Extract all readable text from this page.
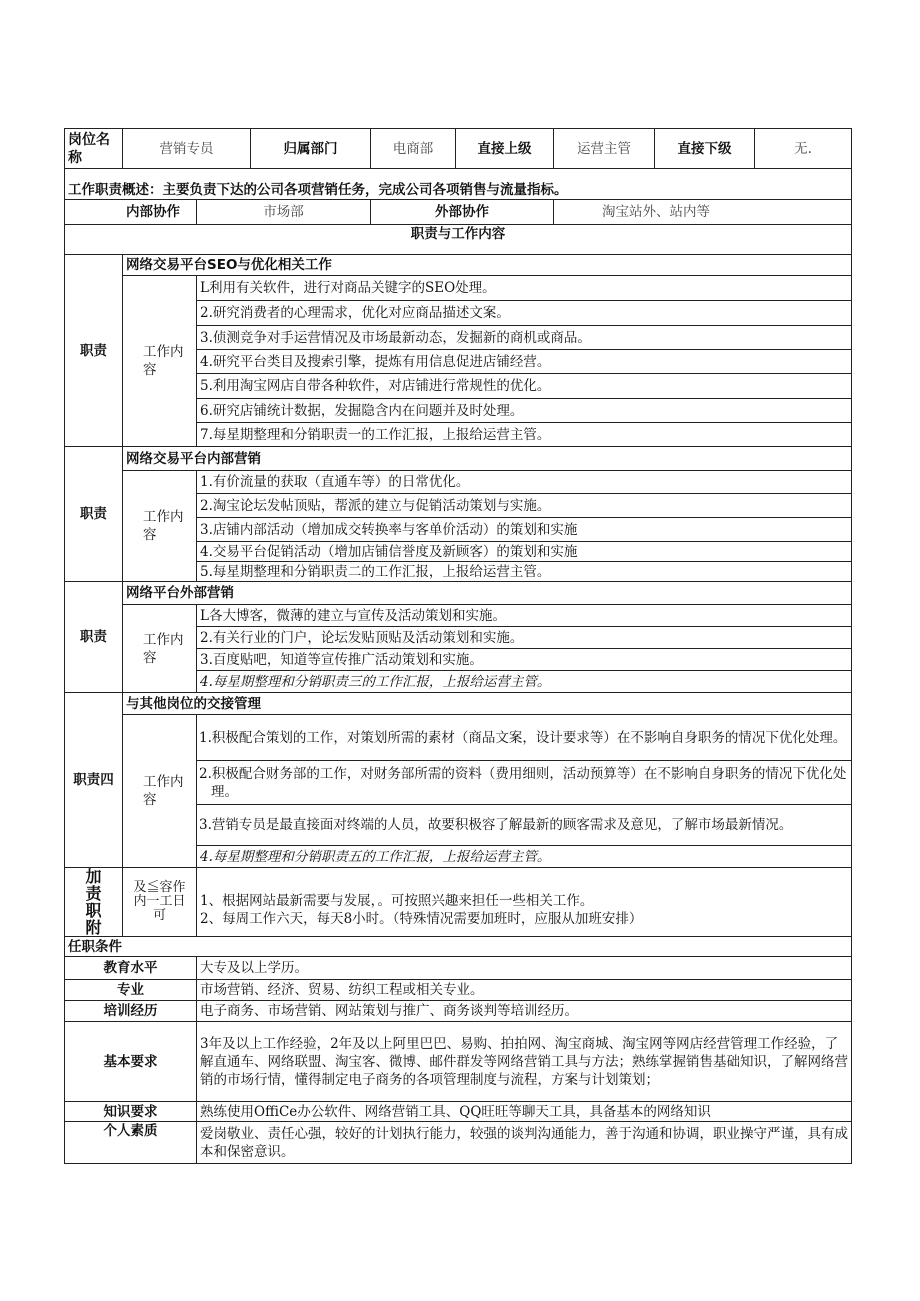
岗位名称	营销专员		归属部门	电商部	直接上级	运营主管	直接下级	无.
工作职责概述：主要负责下达的公司各项营销任务，完成公司各项销售与流量指标。								
内部协作		市场部		外部协作		淘宝站外、站内等		
职责与工作内容								
职责	网络交易平台SEO与优化相关工作							
	工作内容	L利用有关软件，进行对商品关键字的SEO处理。						
		2.研究消费者的心理需求，优化对应商品描述文案。						
		3.侦测竞争对手运营情况及市场最新动态，发掘新的商机或商品。						
		4.研究平台类目及搜索引擎，提炼有用信息促进店铺经营。						
		5.利用淘宝网店自带各种软件，对店铺进行常规性的优化。						
		6.研究店铺统计数据，发掘隐含内在问题并及时处理。						
		7.每星期整理和分销职责一的工作汇报，上报给运营主管。						
职责	网络交易平台内部营销							
	工作内容	1.有价流量的获取（直通车等）的日常优化。						
		2.淘宝论坛发帖顶贴，帮派的建立与促销活动策划与实施。						
		3.店铺内部活动（增加成交转换率与客单价活动）的策划和实施						
		4.交易平台促销活动（增加店铺信誉度及新顾客）的策划和实施						
		5.每星期整理和分销职责二的工作汇报，上报给运营主管。						
职责	网络平台外部营销							
	工作内容	L各大博客，微薄的建立与宣传及活动策划和实施。						
		2.有关行业的门户，论坛发贴顶贴及活动策划和实施。						
		3.百度贴吧，知道等宣传推广活动策划和实施。						
		4.每星期整理和分销职责三的工作汇报，上报给运营主管。						
职责四	与其他岗位的交接管理							
	工作内容	1.积极配合策划的工作，对策划所需的素材（商品文案，设计要求等）在不影响自身职务的情况下优化处理。						
		2.积极配合财务部的工作，对财务部所需的资料（费用细则，活动预算等）在不影响自身职务的情况下优化处理。						
		3.营销专员是最直接面对终端的人员，故要积极容了解最新的顾客需求及意见，了解市场最新情况。						
		4.每星期整理和分销职责五的工作汇报，上报给运营主管。						
加责职附	及≦容作 内一工日可	1、根据网站最新需要与发展，。可按照兴趣来担任一些相关工作。
2、每周工作六天，每天8小时。（特殊情况需要加班时，应服从加班安排）						

任职条件								
教育水平		大专及以上学历。						
专业		市场营销、经济、贸易、纺织工程或相关专业。						
培训经历		电子商务、市场营销、网站策划与推广、商务谈判等培训经历。						
基本要求		3年及以上工作经验，2年及以上阿里巴巴、易购、拍拍网、淘宝商城、淘宝网等网店经营管理工作经验，了解直通车、网络联盟、淘宝客、微博、邮件群发等网络营销工具与方法；熟练掌握销售基础知识，了解网络营销的市场行情，懂得制定电子商务的各项管理制度与流程，方案与计划策划；						
知识要求		熟练使用OffiCe办公软件、网络营销工具、QQ旺旺等聊天工具，具备基本的网络知识						
个人素质		爱岗敬业、责任心强，较好的计划执行能力，较强的谈判沟通能力，善于沟通和协调，职业操守严谨，具有成本和保密意识。						
